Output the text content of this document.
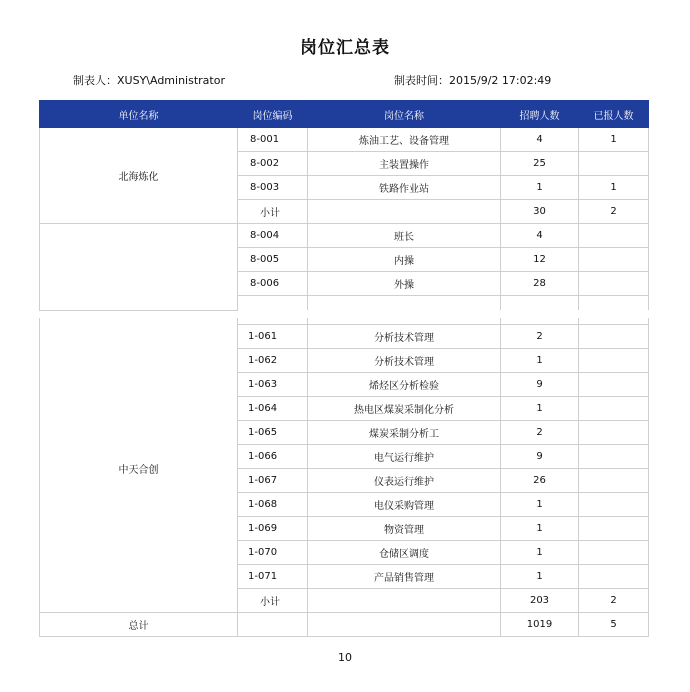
岗位汇总表
制表人：XUSY\Administrator	制表时间：2015/9/2 17:02:49
单位名称	岗位编码	岗位名称	招聘人数	已报人数
北海炼化	8-001	炼油工艺、设备管理	4	1
	8-002	主装置操作	25	
	8-003	铁路作业站	1	1
	小计		30	2
	8-004	班长	4	
	8-005	内操	12	
	8-006	外操	28	

中天合创	1-061	分析技术管理	2	
	1-062	分析技术管理	1	
	1-063	烯烃区分析检验	9	
	1-064	热电区煤炭采制化分析	1	
	1-065	煤炭采制分析工	2	
	1-066	电气运行维护	9	
	1-067	仪表运行维护	26	
	1-068	电仪采购管理	1	
	1-069	物资管理	1	
	1-070	仓储区调度	1	
	1-071	产品销售管理	1	
	小计		203	2
总计			1019	5
10
